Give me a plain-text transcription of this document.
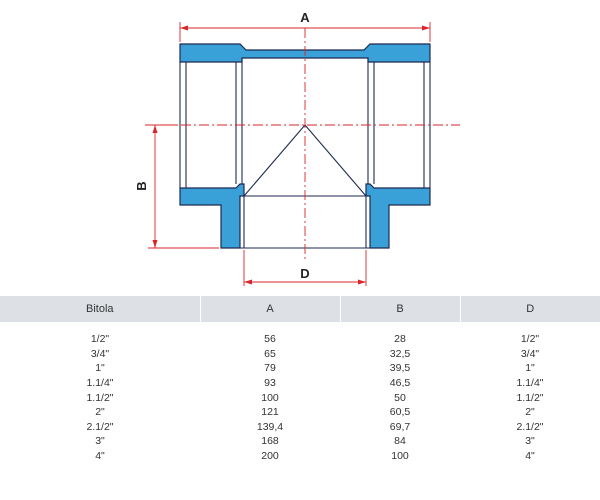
A
B
D
Bitola	A	B	D
1/2"	56	28	1/2"
3/4"	65	32,5	3/4"
1"	79	39,5	1"
1.1/4"	93	46,5	1.1/4"
1.1/2"	100	50	1.1/2"
2"	121	60,5	2"
2.1/2"	139,4	69,7	2.1/2"
3"	168	84	3"
4"	200	100	4"
